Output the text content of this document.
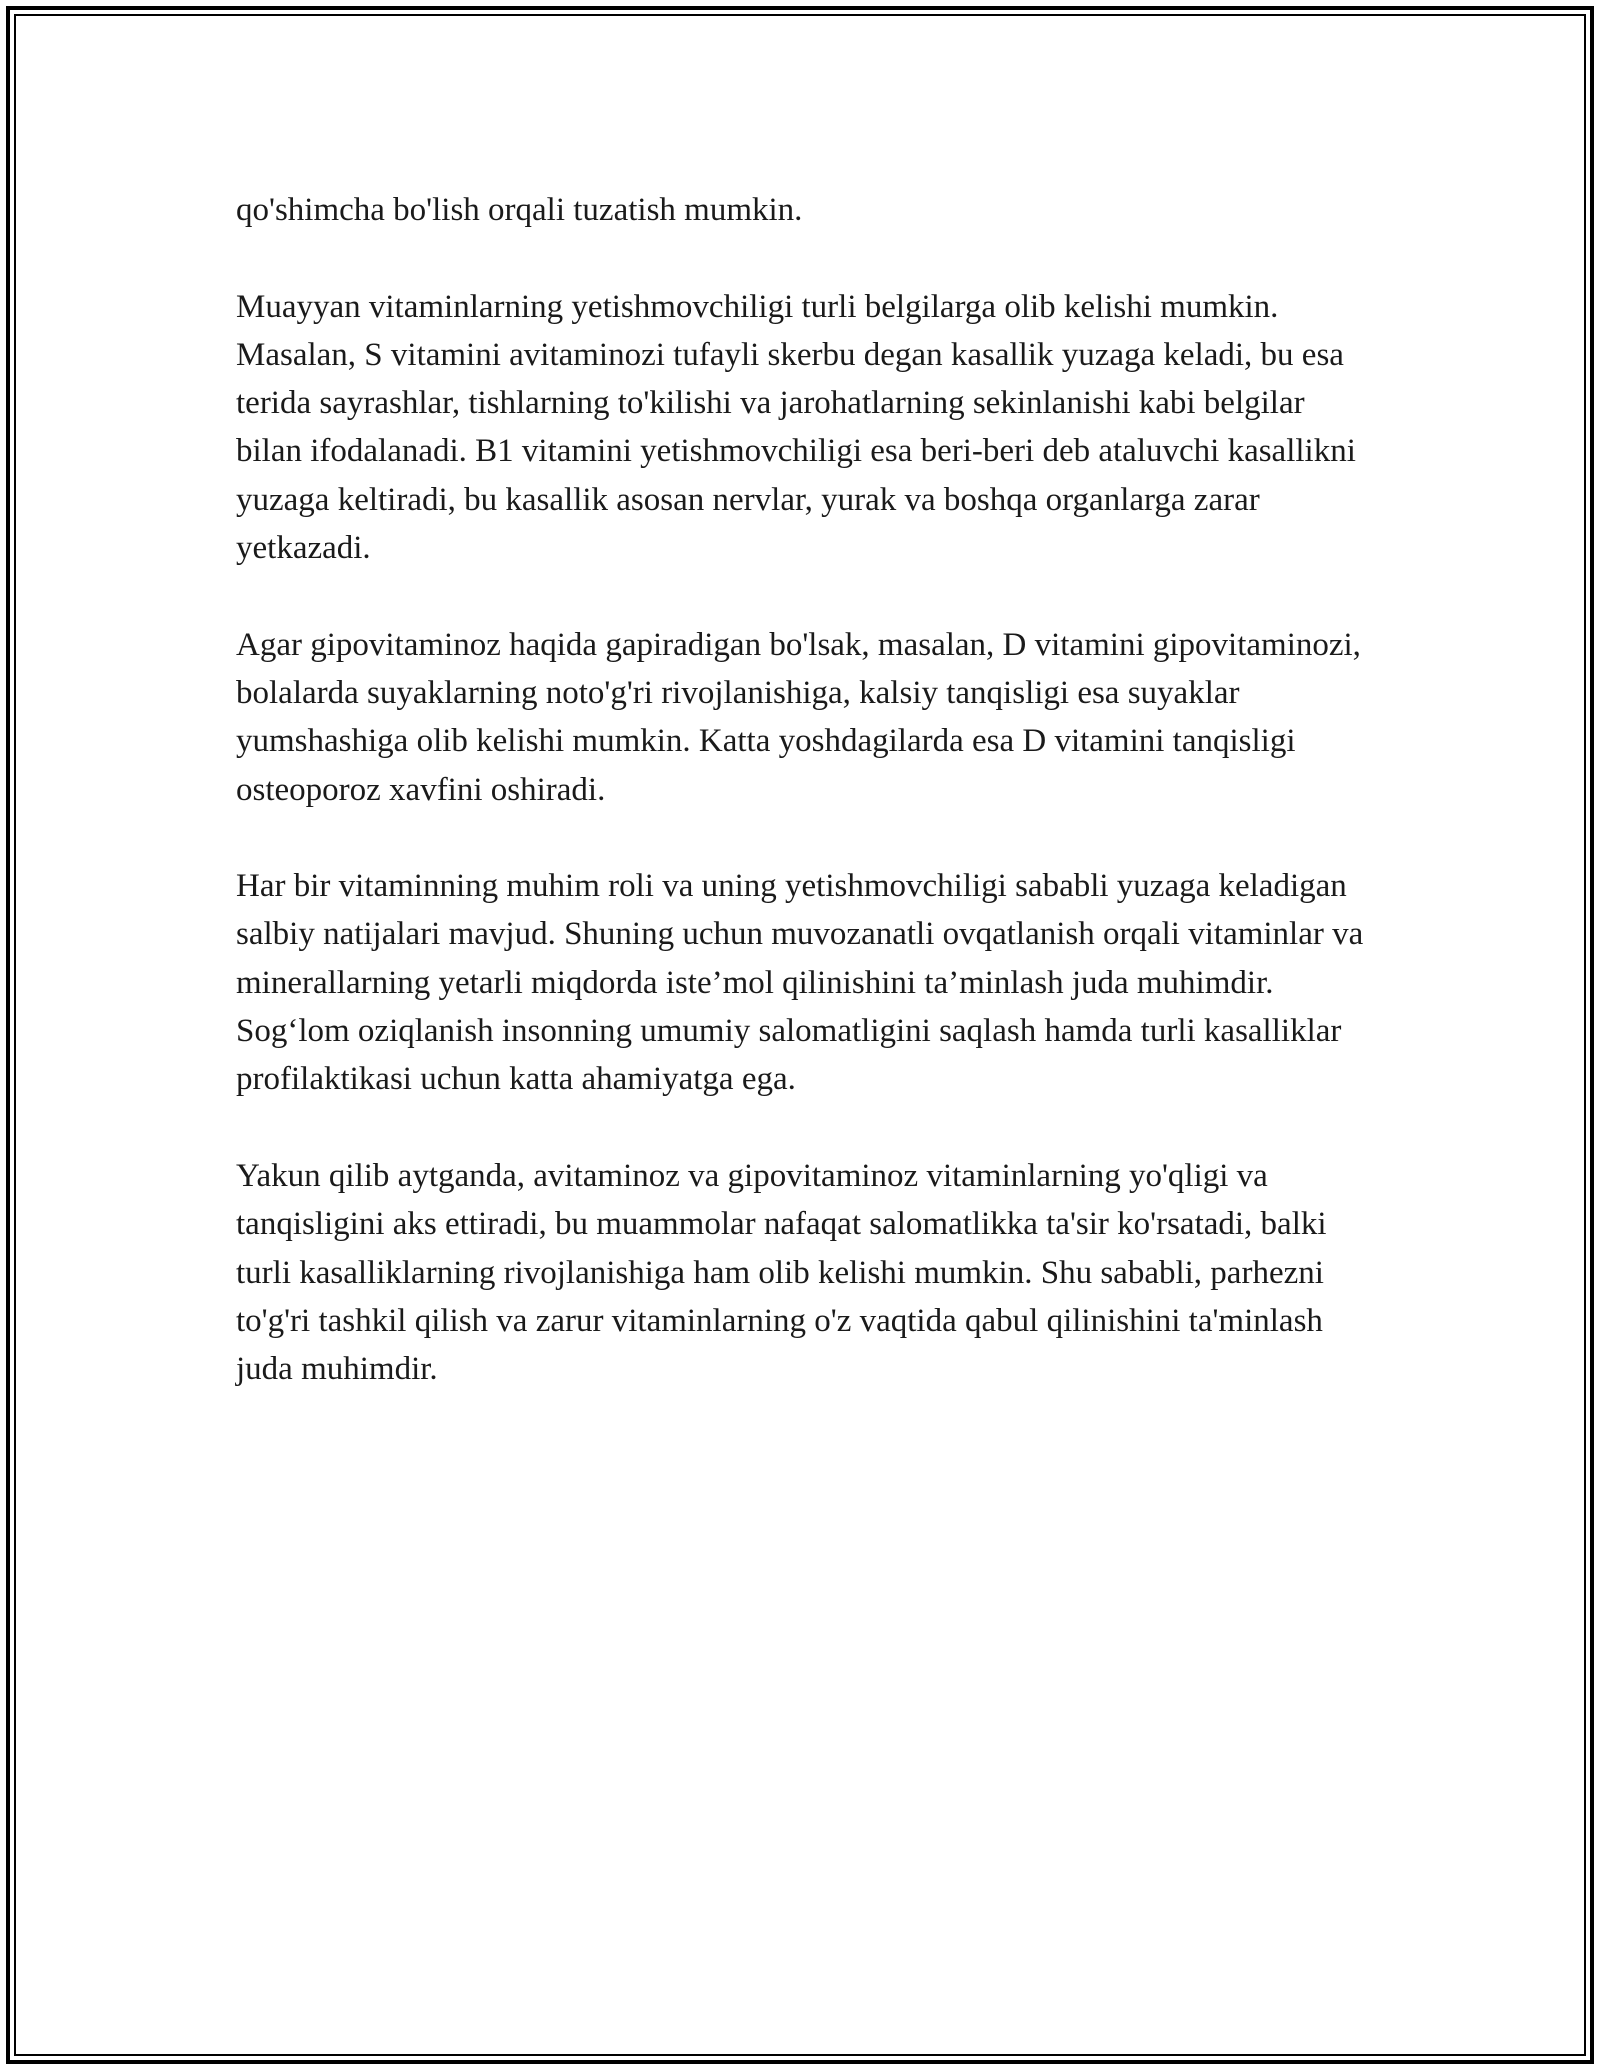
qo'shimcha bo'lish orqali tuzatish mumkin.

Muayyan vitaminlarning yetishmovchiligi turli belgilarga olib kelishi mumkin. Masalan, S vitamini avitaminozi tufayli skerbu degan kasallik yuzaga keladi, bu esa terida sayrashlar, tishlarning to'kilishi va jarohatlarning sekinlanishi kabi belgilar bilan ifodalanadi. B1 vitamini yetishmovchiligi esa beri-beri deb ataluvchi kasallikni yuzaga keltiradi, bu kasallik asosan nervlar, yurak va boshqa organlarga zarar yetkazadi.

Agar gipovitaminoz haqida gapiradigan bo'lsak, masalan, D vitamini gipovitaminozi, bolalarda suyaklarning noto'g'ri rivojlanishiga, kalsiy tanqisligi esa suyaklar yumshashiga olib kelishi mumkin. Katta yoshdagilarda esa D vitamini tanqisligi osteoporoz xavfini oshiradi.

Har bir vitaminning muhim roli va uning yetishmovchiligi sababli yuzaga keladigan salbiy natijalari mavjud. Shuning uchun muvozanatli ovqatlanish orqali vitaminlar va minerallarning yetarli miqdorda iste’mol qilinishini ta’minlash juda muhimdir. Sog‘lom oziqlanish insonning umumiy salomatligini saqlash hamda turli kasalliklar profilaktikasi uchun katta ahamiyatga ega.

Yakun qilib aytganda, avitaminoz va gipovitaminoz vitaminlarning yo'qligi va tanqisligini aks ettiradi, bu muammolar nafaqat salomatlikka ta'sir ko'rsatadi, balki turli kasalliklarning rivojlanishiga ham olib kelishi mumkin. Shu sababli, parhezni to'g'ri tashkil qilish va zarur vitaminlarning o'z vaqtida qabul qilinishini ta'minlash juda muhimdir.
